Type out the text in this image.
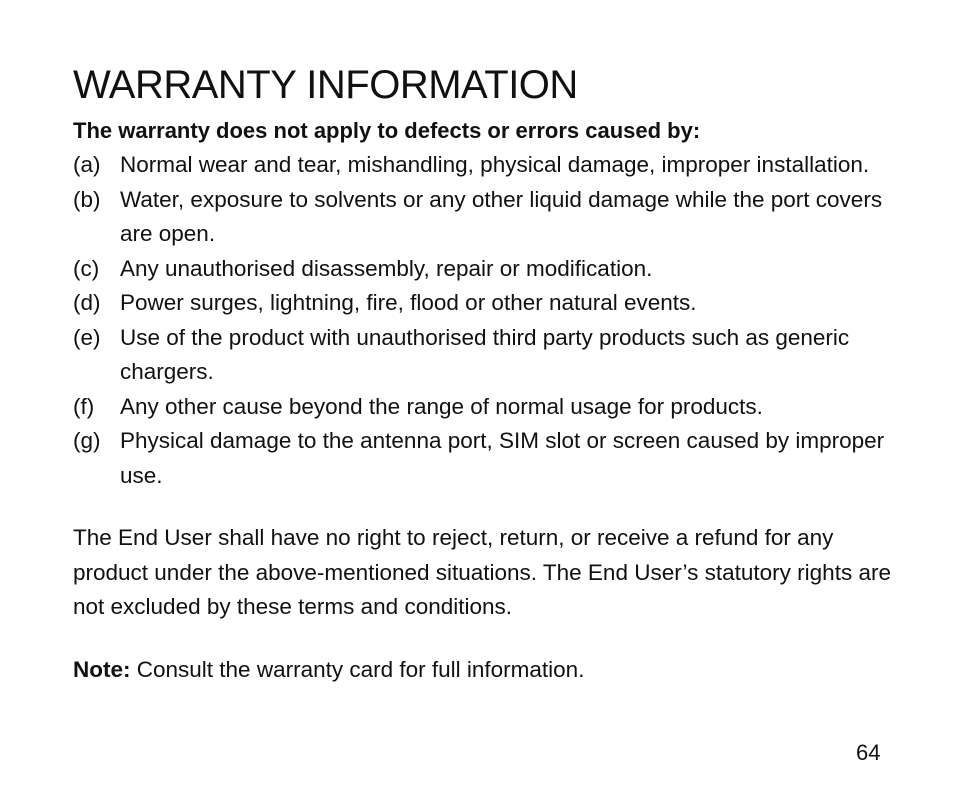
WARRANTY INFORMATION

The warranty does not apply to defects or errors caused by:

(a) Normal wear and tear, mishandling, physical damage, improper installation.
(b) Water, exposure to solvents or any other liquid damage while the port covers are open.
(c) Any unauthorised disassembly, repair or modification.
(d) Power surges, lightning, fire, flood or other natural events.
(e) Use of the product with unauthorised third party products such as generic chargers.
(f)	Any other cause beyond the range of normal usage for products.
(g) Physical damage to the antenna port, SIM slot or screen caused by improper use.

The End User shall have no right to reject, return, or receive a refund for any product under the above-mentioned situations. The End User’s statutory rights are not excluded by these terms and conditions.

Note: Consult the warranty card for full information.

64
